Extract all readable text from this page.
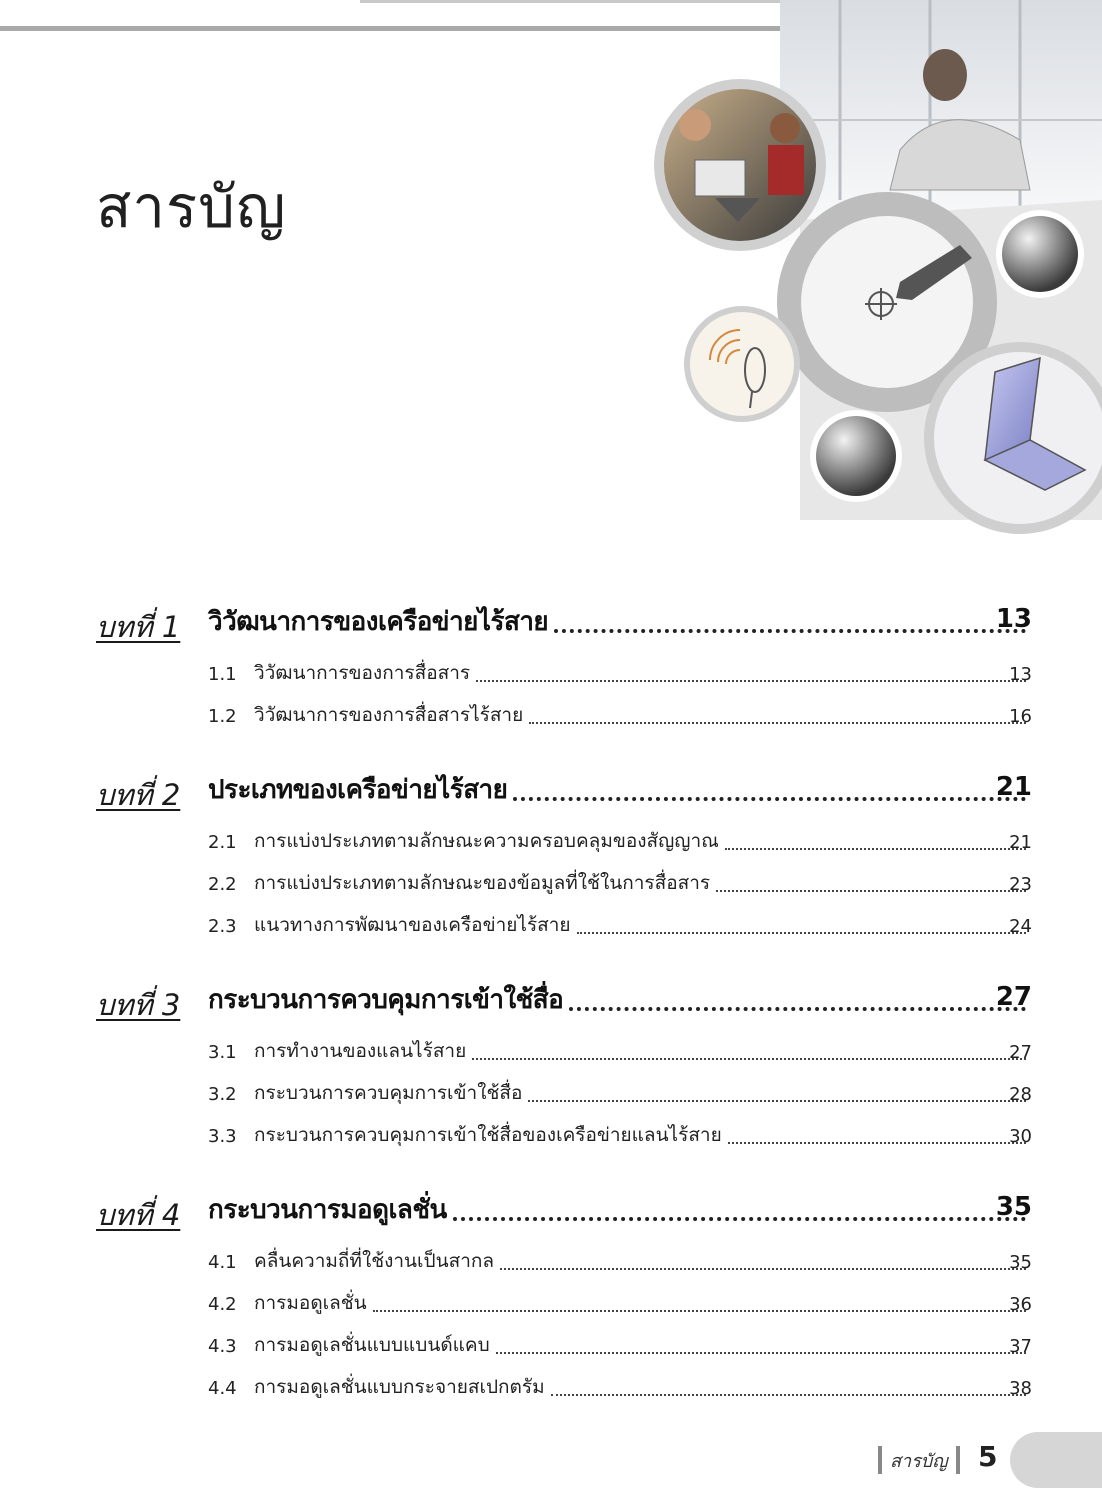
สารบัญ
บทที่ 1 วิวัฒนาการของเครือข่ายไร้สาย	13
1.1 วิวัฒนาการของการสื่อสาร	13
1.2 วิวัฒนาการของการสื่อสารไร้สาย	16
บทที่ 2 ประเภทของเครือข่ายไร้สาย	21
2.1 การแบ่งประเภทตามลักษณะความครอบคลุมของสัญญาณ	21
2.2 การแบ่งประเภทตามลักษณะของข้อมูลที่ใช้ในการสื่อสาร	23
2.3 แนวทางการพัฒนาของเครือข่ายไร้สาย	24
บทที่ 3 กระบวนการควบคุมการเข้าใช้สื่อ	27
3.1 การทำงานของแลนไร้สาย	27
3.2 กระบวนการควบคุมการเข้าใช้สื่อ	28
3.3 กระบวนการควบคุมการเข้าใช้สื่อของเครือข่ายแลนไร้สาย	30
บทที่ 4 กระบวนการมอดูเลชั่น	35
4.1 คลื่นความถี่ที่ใช้งานเป็นสากล	35
4.2 การมอดูเลชั่น	36
4.3 การมอดูเลชั่นแบบแบนด์แคบ	37
4.4 การมอดูเลชั่นแบบกระจายสเปกตรัม	38
สารบัญ 5
